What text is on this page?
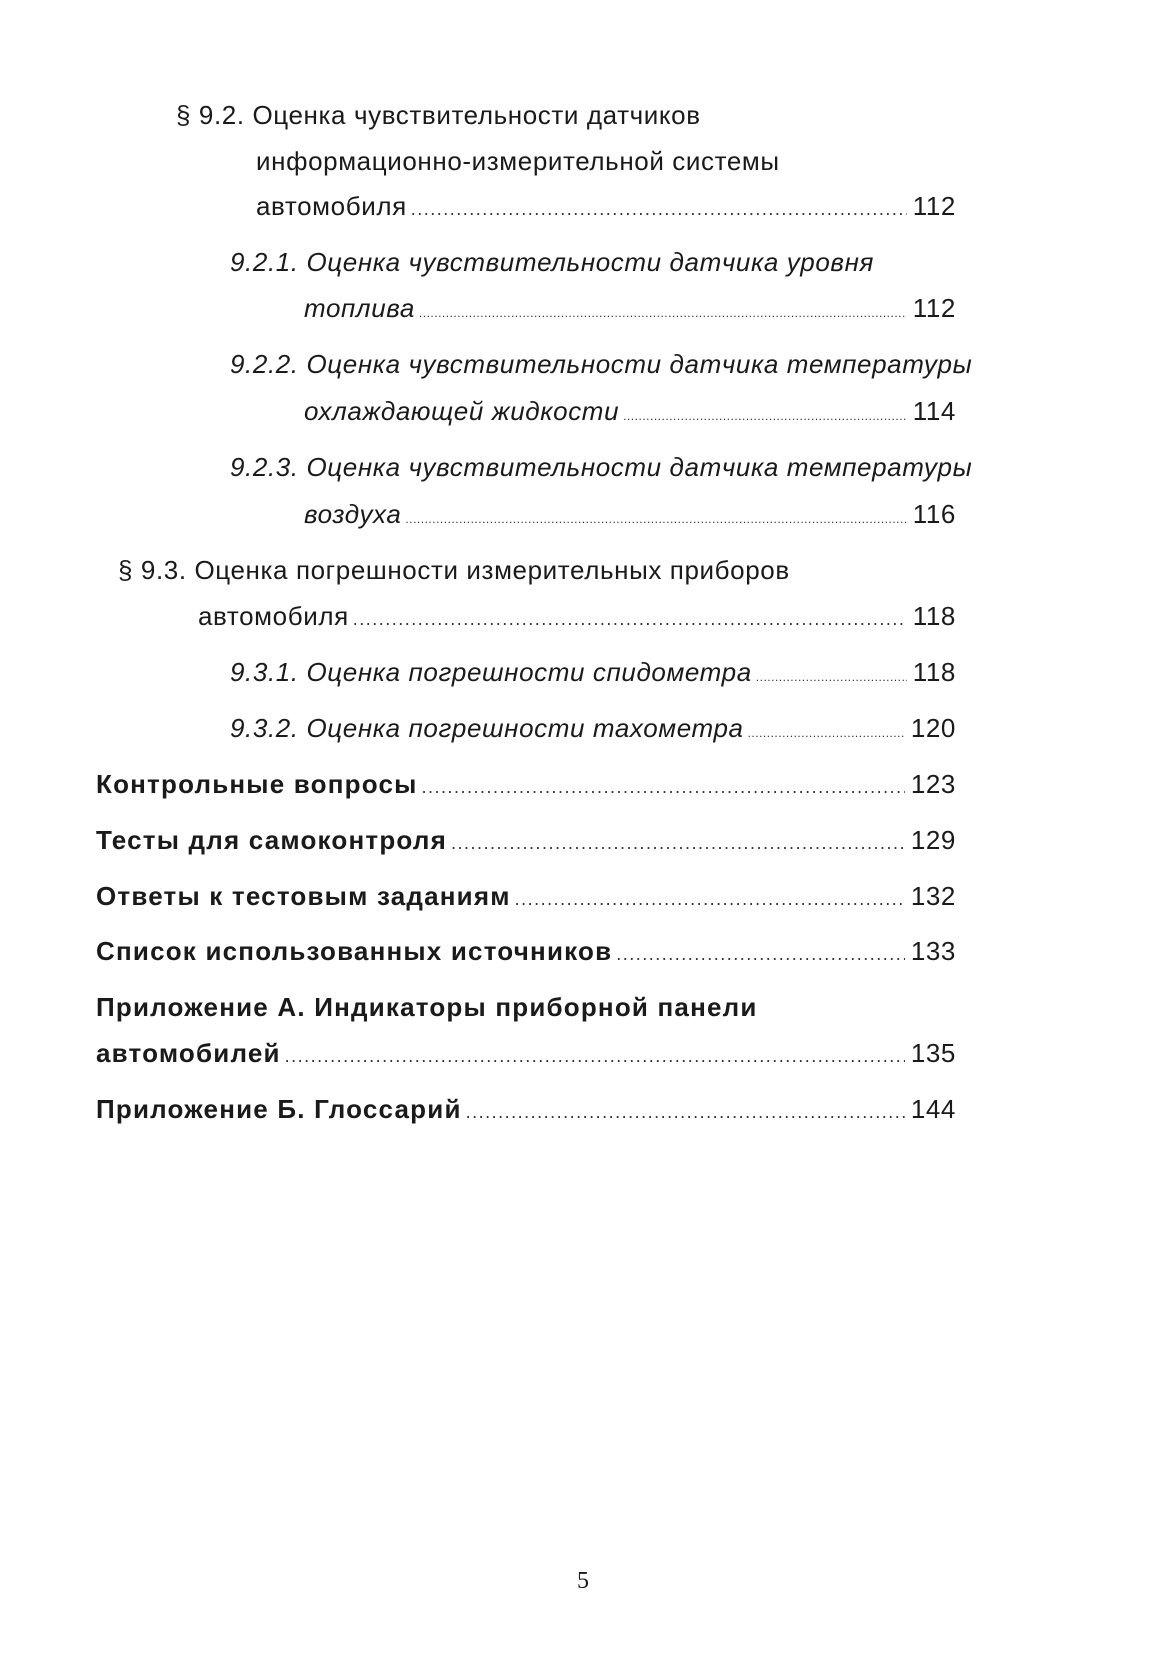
§ 9.2. Оценка чувствительности датчиков
информационно-измерительной системы
автомобиля .....	112
9.2.1. Оценка чувствительности датчика уровня
топлива .....	112
9.2.2. Оценка чувствительности датчика температуры
охлаждающей жидкости .....	114
9.2.3. Оценка чувствительности датчика температуры
воздуха .....	116
§ 9.3. Оценка погрешности измерительных приборов
автомобиля .....	118
9.3.1. Оценка погрешности спидометра .....	118
9.3.2. Оценка погрешности тахометра .....	120
Контрольные вопросы .....	123
Тесты для самоконтроля .....	129
Ответы к тестовым заданиям .....	132
Список использованных источников .....	133
Приложение А. Индикаторы приборной панели
автомобилей .....	135
Приложение Б. Глоссарий .....	144
5
